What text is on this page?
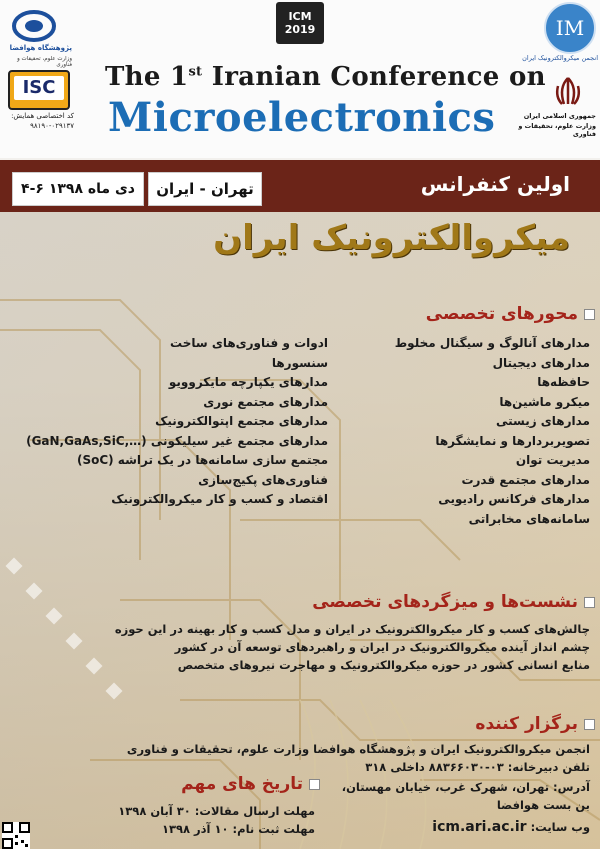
پژوهشگاه هوافضا
وزارت علوم، تحقیقات و فناوری
ISC
کد اختصاصی همایش:
۹۸۱۹۰-۰۲۹۱۳۷
ICM
2019	IM
انجمن میکروالکترونیک ایران
جمهوری اسلامی ایران
وزارت علوم، تحقیقات و فناوری
The 1st Iranian Conference on
Microelectronics
۴-۶ دی ماه ۱۳۹۸	تهران - ایران	اولین کنفرانس
میکروالکترونیک ایران
محورهای تخصصی
مدارهای آنالوگ و سیگنال مخلوط
مدارهای دیجیتال
حافظه‌ها
میکرو ماشین‌ها
مدارهای زیستی
تصویربردارها و نمایشگرها
مدیریت توان
مدارهای مجتمع قدرت
مدارهای فرکانس رادیویی
سامانه‌های مخابراتی
ادوات و فناوری‌های ساخت
سنسورها
مدارهای یکپارچه مایکروویو
مدارهای مجتمع نوری
مدارهای مجتمع اپتوالکترونیک
مدارهای مجتمع غیر سیلیکونی (…,GaN,GaAs,SiC)
مجتمع سازی سامانه‌ها در یک تراشه (SoC)
فناوری‌های پکیج‌سازی
اقتصاد و کسب و کار میکروالکترونیک
نشست‌ها و میزگردهای تخصصی
چالش‌های کسب و کار میکروالکترونیک در ایران و مدل کسب و کار بهینه در این حوزه
چشم انداز آینده میکروالکترونیک در ایران و راهبردهای توسعه آن در کشور
منابع انسانی کشور در حوزه میکروالکترونیک و مهاجرت نیروهای متخصص
برگزار کننده
انجمن میکروالکترونیک ایران و پژوهشگاه هوافضا وزارت علوم، تحقیقات و فناوری
تلفن دبیرخانه: ۰۳-۸۸۳۶۶۰۳۰ داخلی ۳۱۸
آدرس: تهران، شهرک غرب، خیابان مهستان،
بن بست هوافضا
وب سایت: icm.ari.ac.ir
تاریخ های مهم
مهلت ارسال مقالات: ۳۰ آبان ۱۳۹۸
مهلت ثبت نام: ۱۰ آذر ۱۳۹۸
